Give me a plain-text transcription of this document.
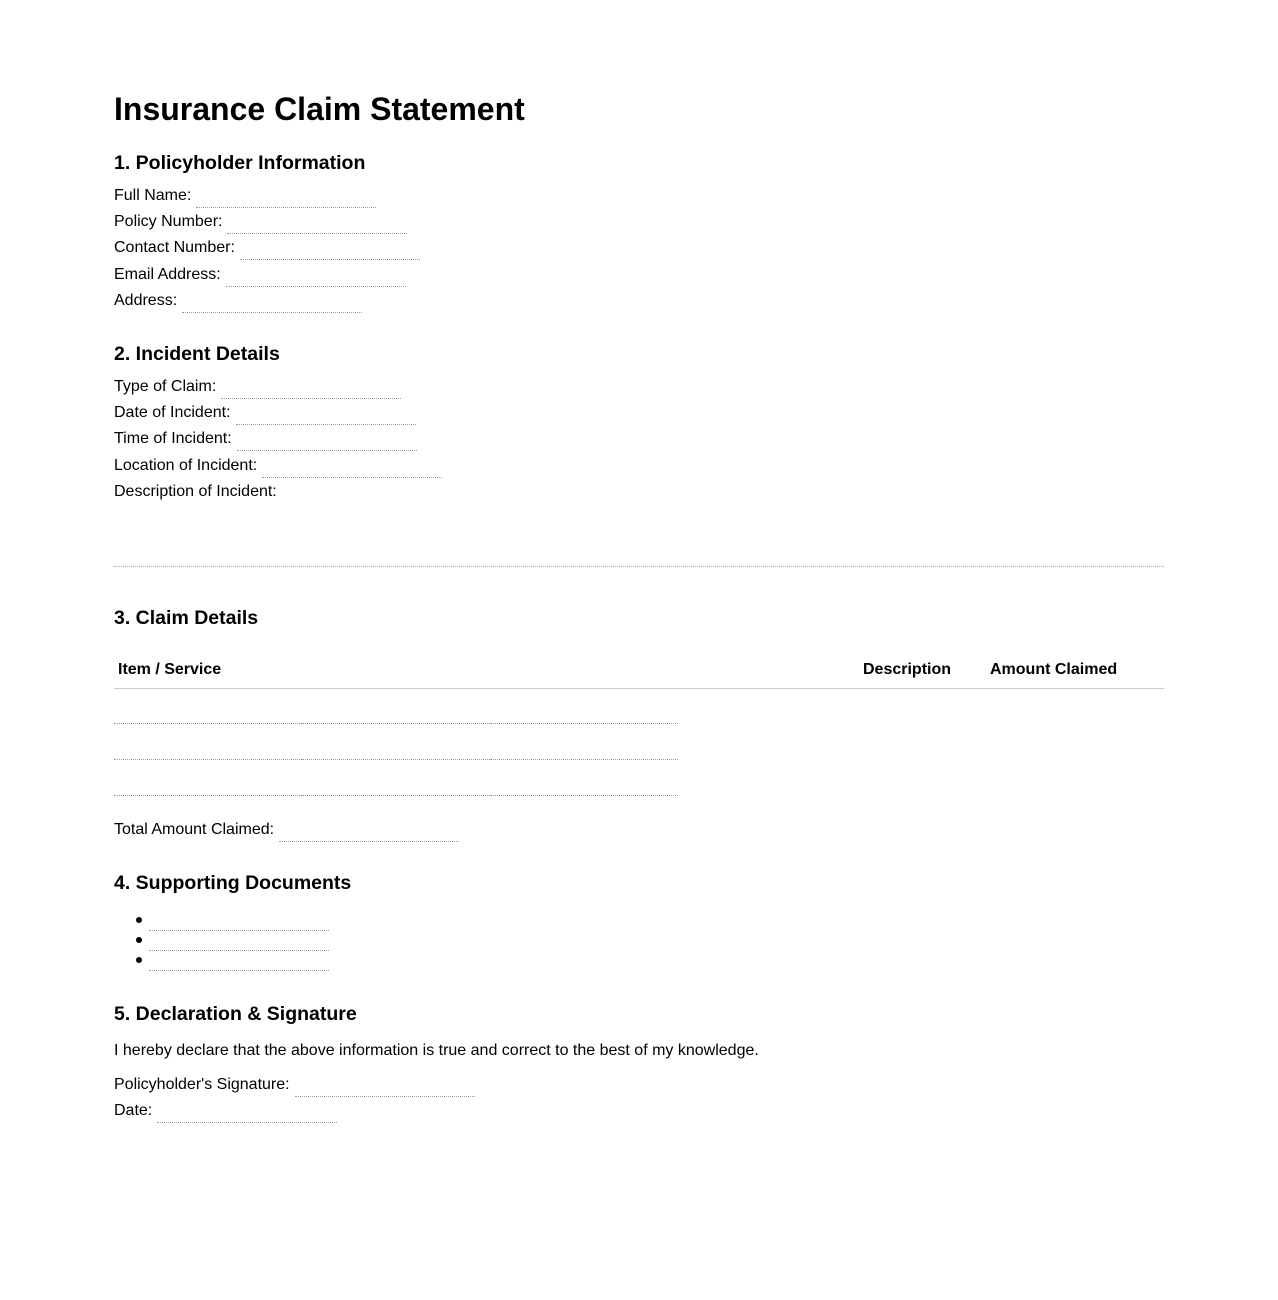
Insurance Claim Statement
1. Policyholder Information
Full Name:
Policy Number:
Contact Number:
Email Address:
Address:
2. Incident Details
Type of Claim:
Date of Incident:
Time of Incident:
Location of Incident:
Description of Incident:
3. Claim Details
Item / Service	Description Amount Claimed
Total Amount Claimed:
4. Supporting Documents
5. Declaration & Signature
I hereby declare that the above information is true and correct to the best of my knowledge.
Policyholder's Signature:
Date:
